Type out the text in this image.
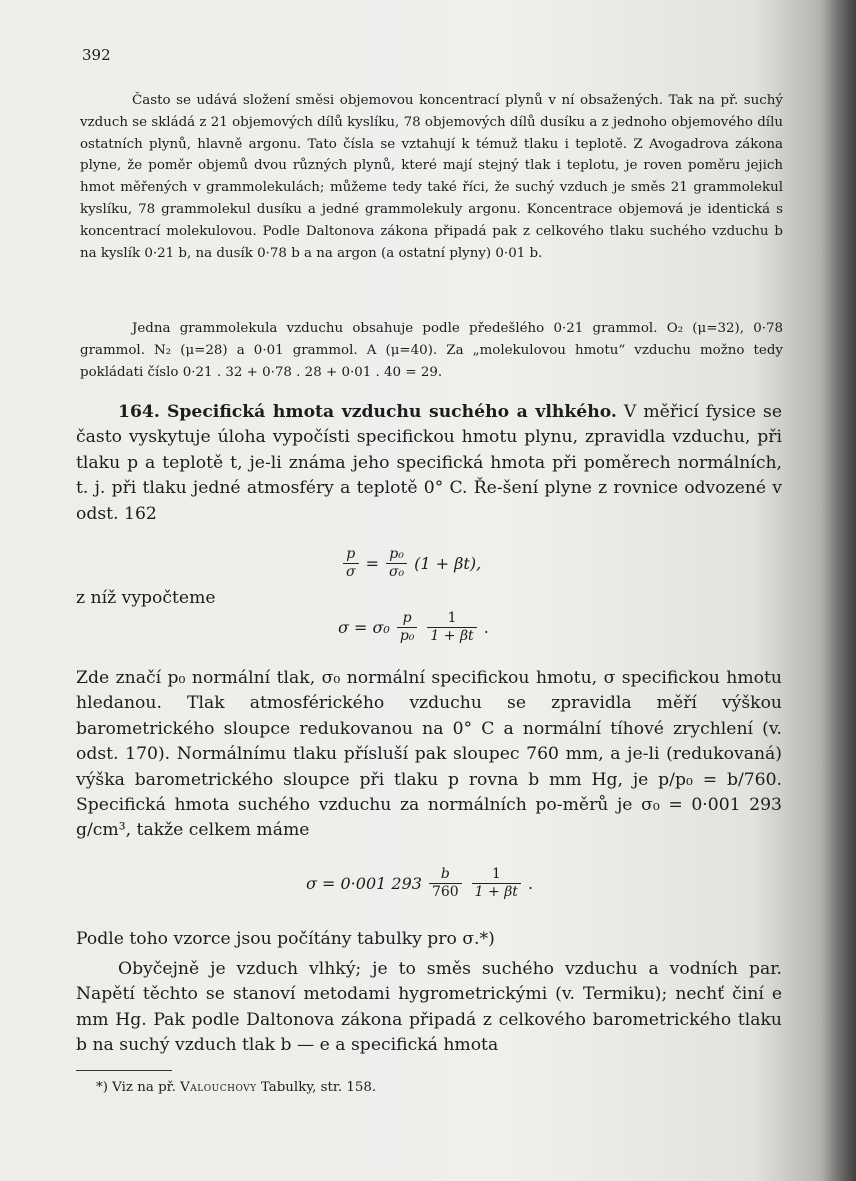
392

Často se udává složení směsi objemovou koncentrací plynů v ní obsažených. Tak na př. suchý vzduch se skládá z 21 objemových dílů kyslíku, 78 objemových dílů dusíku a z jednoho objemového dílu ostatních plynů, hlavně argonu. Tato čísla se vztahují k témuž tlaku i teplotě. Z Avogadrova zákona plyne, že poměr objemů dvou různých plynů, které mají stejný tlak i teplotu, je roven poměru jejich hmot měřených v grammolekulách; můžeme tedy také říci, že suchý vzduch je směs 21 grammolekul kyslíku, 78 grammolekul dusíku a jedné grammolekuly argonu. Koncentrace objemová je identická s koncentrací molekulovou. Podle Daltonova zákona připadá pak z celkového tlaku suchého vzduchu b na kyslík 0·21 b, na dusík 0·78 b a na argon (a ostatní plyny) 0·01 b.

Jedna grammolekula vzduchu obsahuje podle předešlého 0·21 grammol. O₂ (μ=32), 0·78 grammol. N₂ (μ=28) a 0·01 grammol. A (μ=40). Za „molekulovou hmotu“ vzduchu možno tedy pokládati číslo 0·21 . 32 + 0·78 . 28 + 0·01 . 40 = 29.

164. Specifická hmota vzduchu suchého a vlhkého. V měřicí fysice se často vyskytuje úloha vypočísti specifickou hmotu plynu, zpravidla vzduchu, při tlaku p a teplotě t, je-li známa jeho specifická hmota při poměrech normálních, t. j. při tlaku jedné atmosféry a teplotě 0° C. Ře-šení plyne z rovnice odvozené v odst. 162

$\frac{p}{\sigma} = \frac{\text{p₀}}{\text{σ₀}} (1 + \beta t)$,
z níž vypočteme
$\sigma = \sigma_0 \frac{p}{\text{p₀}} \frac{1}{1 + \beta t}$ .

Zde značí p₀ normální tlak, σ₀ normální specifickou hmotu, σ specifickou hmotu hledanou. Tlak atmosférického vzduchu se zpravidla měří výškou barometrického sloupce redukovanou na 0° C a normální tíhové zrychlení (v. odst. 170). Normálnímu tlaku přísluší pak sloupec 760 mm, a je-li (redukovaná) výška barometrického sloupce při tlaku p rovna b mm Hg, je p/p₀ = b/760. Specifická hmota suchého vzduchu za normálních po-měrů je σ₀ = 0·001 293 g/cm³, takže celkem máme

σ = 0·001 $293 \frac{b}{760} \frac{1}{1 + \beta t}$ .

Podle toho vzorce jsou počítány tabulky pro σ.*)

Obyčejně je vzduch vlhký; je to směs suchého vzduchu a vodních par. Napětí těchto se stanoví metodami hygrometrickými (v. Termiku); nechť činí e mm Hg. Pak podle Daltonova zákona připadá z celkového barometrického tlaku b na suchý vzduch tlak b — e a specifická hmota

*) Viz na př. Valouchovy Tabulky, str. 158.
